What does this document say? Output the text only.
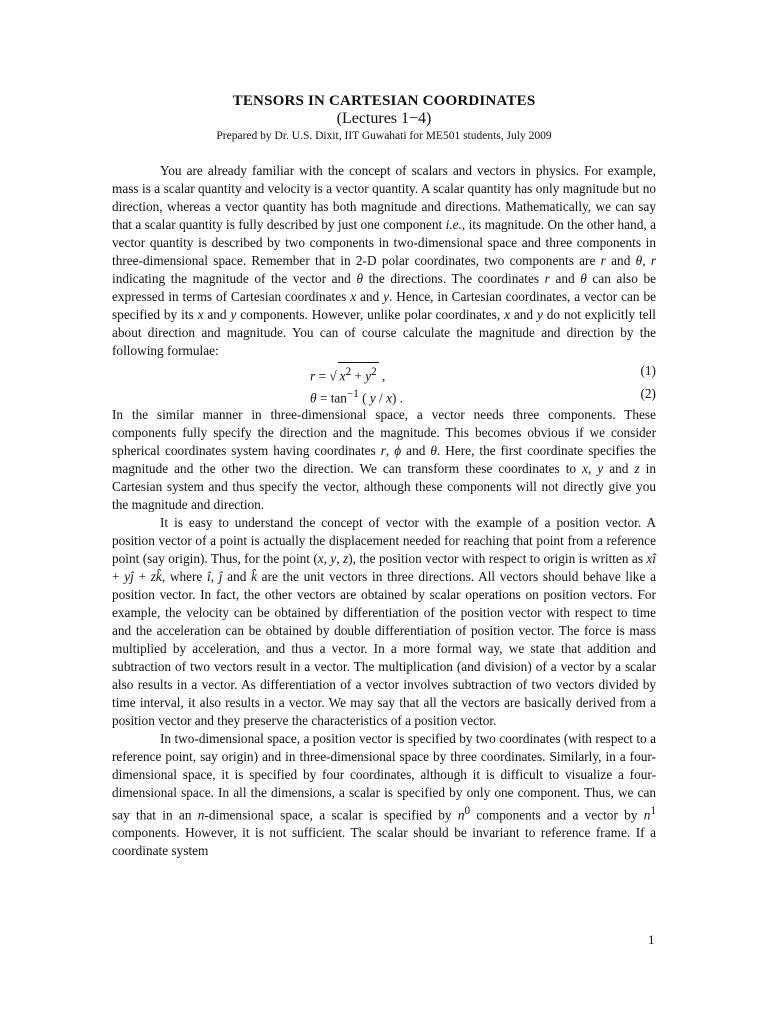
TENSORS IN CARTESIAN COORDINATES
(Lectures 1−4)
Prepared by Dr. U.S. Dixit, IIT Guwahati for ME501 students, July 2009

You are already familiar with the concept of scalars and vectors in physics. For example, mass is a scalar quantity and velocity is a vector quantity. A scalar quantity has only magnitude but no direction, whereas a vector quantity has both magnitude and directions. Mathematically, we can say that a scalar quantity is fully described by just one component i.e., its magnitude. On the other hand, a vector quantity is described by two components in two-dimensional space and three components in three-dimensional space. Remember that in 2-D polar coordinates, two components are r and θ, r indicating the magnitude of the vector and θ the directions. The coordinates r and θ can also be expressed in terms of Cartesian coordinates x and y. Hence, in Cartesian coordinates, a vector can be specified by its x and y components. However, unlike polar coordinates, x and y do not explicitly tell about direction and magnitude. You can of course calculate the magnitude and direction by the following formulae:

r = √ $x^2 + y^2$ ,	(1)
$\theta = \tan^{-1}$ ( y / x) .	(2)

In the similar manner in three-dimensional space, a vector needs three components. These components fully specify the direction and the magnitude. This becomes obvious if we consider spherical coordinates system having coordinates r, ϕ and θ. Here, the first coordinate specifies the magnitude and the other two the direction. We can transform these coordinates to x, y and z in Cartesian system and thus specify the vector, although these components will not directly give you the magnitude and direction.

It is easy to understand the concept of vector with the example of a position vector. A position vector of a point is actually the displacement needed for reaching that point from a reference point (say origin). Thus, for the point (x, y, z), the position vector with respect to origin is written as xî + yĵ + zk̂, where î, ĵ and k̂ are the unit vectors in three directions. All vectors should behave like a position vector. In fact, the other vectors are obtained by scalar operations on position vectors. For example, the velocity can be obtained by differentiation of the position vector with respect to time and the acceleration can be obtained by double differentiation of position vector. The force is mass multiplied by acceleration, and thus a vector. In a more formal way, we state that addition and subtraction of two vectors result in a vector. The multiplication (and division) of a vector by a scalar also results in a vector. As differentiation of a vector involves subtraction of two vectors divided by time interval, it also results in a vector. We may say that all the vectors are basically derived from a position vector and they preserve the characteristics of a position vector.

In two-dimensional space, a position vector is specified by two coordinates (with respect to a reference point, say origin) and in three-dimensional space by three coordinates. Similarly, in a four-dimensional space, it is specified by four coordinates, although it is difficult to visualize a four-dimensional space. In all the dimensions, a scalar is specified by only one component. Thus, we can say that in an n-dimensional space, a scalar is specified by $n^0$ components and a vector by $n^1$ components. However, it is not sufficient. The scalar should be invariant to reference frame. If a coordinate system

1
